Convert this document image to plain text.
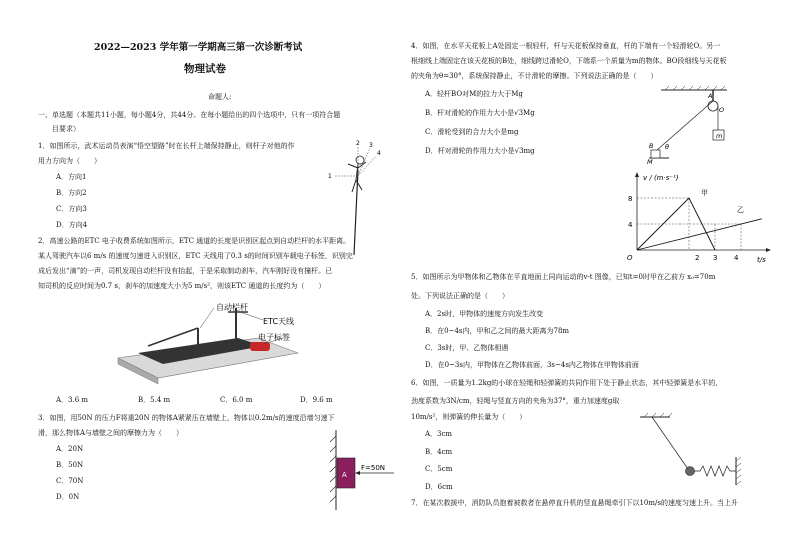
2022—2023 学年第一学期高三第一次诊断考试
物理试卷
命题人:
一、单选题（本题共11小题，每小题4分，共44分。在每小题给出的四个选项中，只有一项符合题
目要求）
1．如图所示，武术运动员表演“悟空望路”时在长杆上端保持静止，则杆子对他的作
用力方向为（　　）
A．方向1
B．方向2
C．方向3
D．方向4
1
2 3
4
2．高速公路的ETC 电子收费系统如图所示，ETC 通道的长度是识别区起点到自动栏杆的水平距离。
某人驾驶汽车以6 m/s 的速度匀速进入识别区，ETC 天线用了0.3 s的时间识别车载电子标签，识别完
成后发出“滴”的一声，司机发现自动栏杆没有抬起，于是采取制动刹车，汽车刚好没有撞杆。已
知司机的反应时间为0.7 s，刹车的加速度大小为5 m/s²，则该ETC 通道的长度约为（　　）
自动栏杆
ETC天线
电子标签
A．3.6 m	B．5.4 m	C．6.0 m	D．9.6 m
3．如图，用50N 的压力F将重20N 的物体A紧紧压在墙壁上，物体以0.2m/s的速度沿墙匀速下
滑，那么物体A与墙壁之间的摩擦力为（　　）
A．20N
B．50N
C．70N
D．0N
A
F=50N
4．如图，在水平天花板上A处固定一根轻杆，杆与天花板保持垂直，杆的下端有一个轻滑轮O。另一
根细线上端固定在该天花板的B处，细线跨过滑轮O，下端系一个质量为m的物体。BO段细线与天花板
的夹角为θ=30°，系统保持静止，不计滑轮的摩擦。下列说法正确的是（　　）
A．轻杆BO对M的拉力大于Mg
B．杆对滑轮的作用力大小是√3Mg
C．滑轮受到的合力大小是mg
D．杆对滑轮的作用力大小是√3mg
A
O
B θ
M
m
v / (m·s⁻¹)
t/s
O
8
4
2 3 4
甲
乙
5．如图所示为甲物体和乙物体在平直地面上同向运动的v-t 图像，已知t=0时甲在乙前方 x₀=70m
处。下列说法正确的是（　　）
A．2s时，甲物体的速度方向发生改变
B．在0~4s内，甲和乙之间的最大距离为78m
C．3s时，甲、乙物体相遇
D．在0~3s内，甲物体在乙物体前面，3s~4s内乙物体在甲物体前面
6．如图，一质量为1.2kg的小球在轻绳和轻弹簧的共同作用下处于静止状态，其中轻弹簧是水平的，
劲度系数为3N/cm，轻绳与竖直方向的夹角为37°，重力加速度g取
10m/s²，则弹簧的伸长量为（　　）
A．3cm
B．4cm
C．5cm
D．6cm
7．在某次救援中，消防队员抱着被救者在悬停直升机的竖直悬绳牵引下以10m/s的速度匀速上升。当上升
